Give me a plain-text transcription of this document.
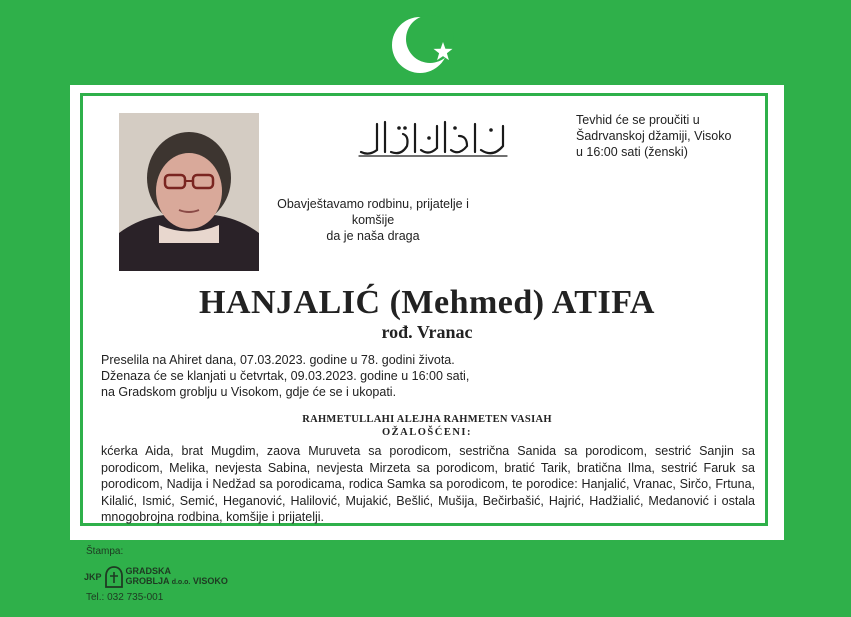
Tevhid će se proučiti u
Šadrvanskoj džamiji, Visoko
u 16:00 sati (ženski)
Obavještavamo rodbinu, prijatelje i komšije
da je naša draga
HANJALIĆ (Mehmed) ATIFA
rođ. Vranac
Preselila na Ahiret dana, 07.03.2023. godine u 78. godini života.
Dženaza će se klanjati u četvrtak, 09.03.2023. godine u 16:00 sati,
na Gradskom groblju u Visokom, gdje će se i ukopati.
RAHMETULLAHI ALEJHA RAHMETEN VASIAH
OŽALOŠĆENI:
kćerka Aida, brat Mugdim, zaova Muruveta sa porodicom, sestrična Sanida sa porodicom, sestrić Sanjin sa porodicom, Melika, nevjesta Sabina, nevjesta Mirzeta sa porodicom, bratić Tarik, bratična Ilma, sestrić Faruk sa porodicom, Nadija i Nedžad sa porodicama, rodica Samka sa porodicom, te porodice: Hanjalić, Vranac, Sirčo, Frtuna, Kilalić, Ismić, Semić, Heganović, Halilović, Mujakić, Bešlić, Mušija, Bečirbašić, Hajrić, Hadžialić, Medanović i ostala mnogobrojna rodbina, komšije i prijatelji.
Štampa:
JKP
GRADSKA
GROBLJA d.o.o. VISOKO
Tel.: 032 735-001
